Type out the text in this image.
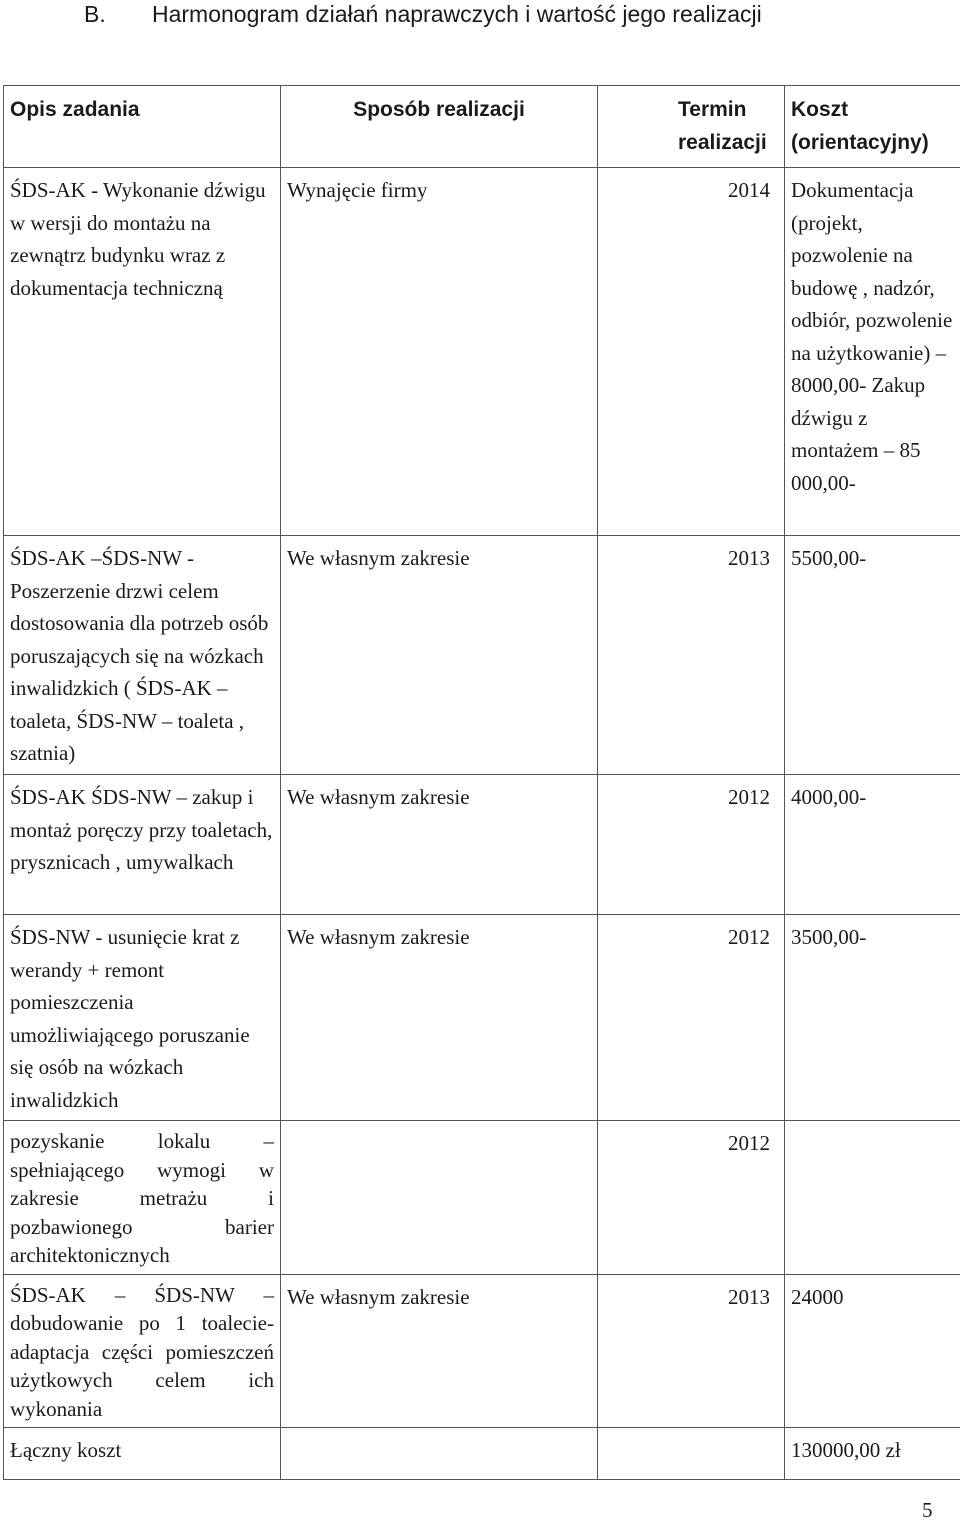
B. Harmonogram działań naprawczych i wartość jego realizacji
Opis zadania	Sposób realizacji	Termin realizacji	Koszt (orientacyjny)
ŚDS-AK - Wykonanie dźwigu w wersji do montażu na zewnątrz budynku wraz z dokumentacja techniczną	Wynajęcie firmy	2014	Dokumentacja (projekt, pozwolenie na budowę , nadzór, odbiór, pozwolenie na użytkowanie) – 8000,00- Zakup dźwigu z montażem – 85 000,00-
ŚDS-AK –ŚDS-NW - Poszerzenie drzwi celem dostosowania dla potrzeb osób poruszających się na wózkach inwalidzkich ( ŚDS-AK –toaleta, ŚDS-NW – toaleta , szatnia)	We własnym zakresie	2013	5500,00-
ŚDS-AK ŚDS-NW – zakup i montaż poręczy przy toaletach, prysznicach , umywalkach	We własnym zakresie	2012	4000,00-
ŚDS-NW - usunięcie krat z werandy + remont pomieszczenia umożliwiającego poruszanie się osób na wózkach inwalidzkich	We własnym zakresie	2012	3500,00-
pozyskanie lokalu – spełniającego wymogi w zakresie metrażu i pozbawionego barier architektonicznych		2012	
ŚDS-AK – ŚDS-NW – dobudowanie po 1 toalecie- adaptacja części pomieszczeń użytkowych celem ich wykonania	We własnym zakresie	2013	24000
Łączny koszt			130000,00 zł
5
